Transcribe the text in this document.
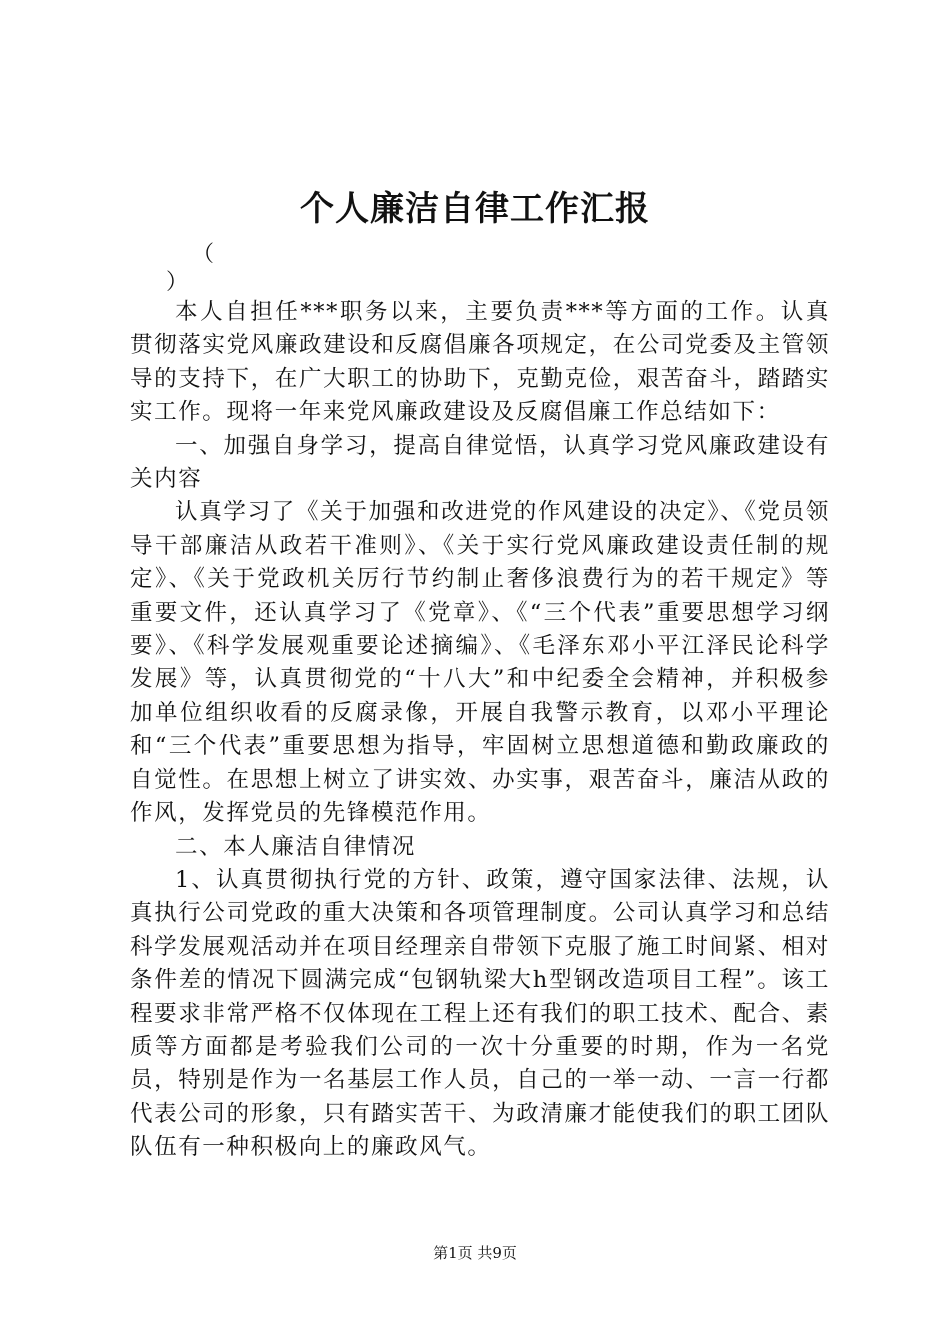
个人廉洁自律工作汇报
（
）

本人自担任***职务以来，主要负责***等方面的工作。认真贯彻落实党风廉政建设和反腐倡廉各项规定，在公司党委及主管领导的支持下，在广大职工的协助下，克勤克俭，艰苦奋斗，踏踏实实工作。现将一年来党风廉政建设及反腐倡廉工作总结如下：

一、加强自身学习，提高自律觉悟，认真学习党风廉政建设有关内容

认真学习了《关于加强和改进党的作风建设的决定》、《党员领导干部廉洁从政若干准则》、《关于实行党风廉政建设责任制的规定》、《关于党政机关厉行节约制止奢侈浪费行为的若干规定》等重要文件，还认真学习了《党章》、《“三个代表”重要思想学习纲要》、《科学发展观重要论述摘编》、《毛泽东邓小平江泽民论科学发展》等，认真贯彻党的“十八大”和中纪委全会精神，并积极参加单位组织收看的反腐录像，开展自我警示教育，以邓小平理论和“三个代表”重要思想为指导，牢固树立思想道德和勤政廉政的自觉性。在思想上树立了讲实效、办实事，艰苦奋斗，廉洁从政的作风，发挥党员的先锋模范作用。

二、本人廉洁自律情况

1、认真贯彻执行党的方针、政策，遵守国家法律、法规，认真执行公司党政的重大决策和各项管理制度。公司认真学习和总结科学发展观活动并在项目经理亲自带领下克服了施工时间紧、相对条件差的情况下圆满完成“包钢轨梁大h型钢改造项目工程”。该工程要求非常严格不仅体现在工程上还有我们的职工技术、配合、素质等方面都是考验我们公司的一次十分重要的时期，作为一名党员，特别是作为一名基层工作人员，自己的一举一动、一言一行都代表公司的形象，只有踏实苦干、为政清廉才能使我们的职工团队队伍有一种积极向上的廉政风气。

第1页 共9页
